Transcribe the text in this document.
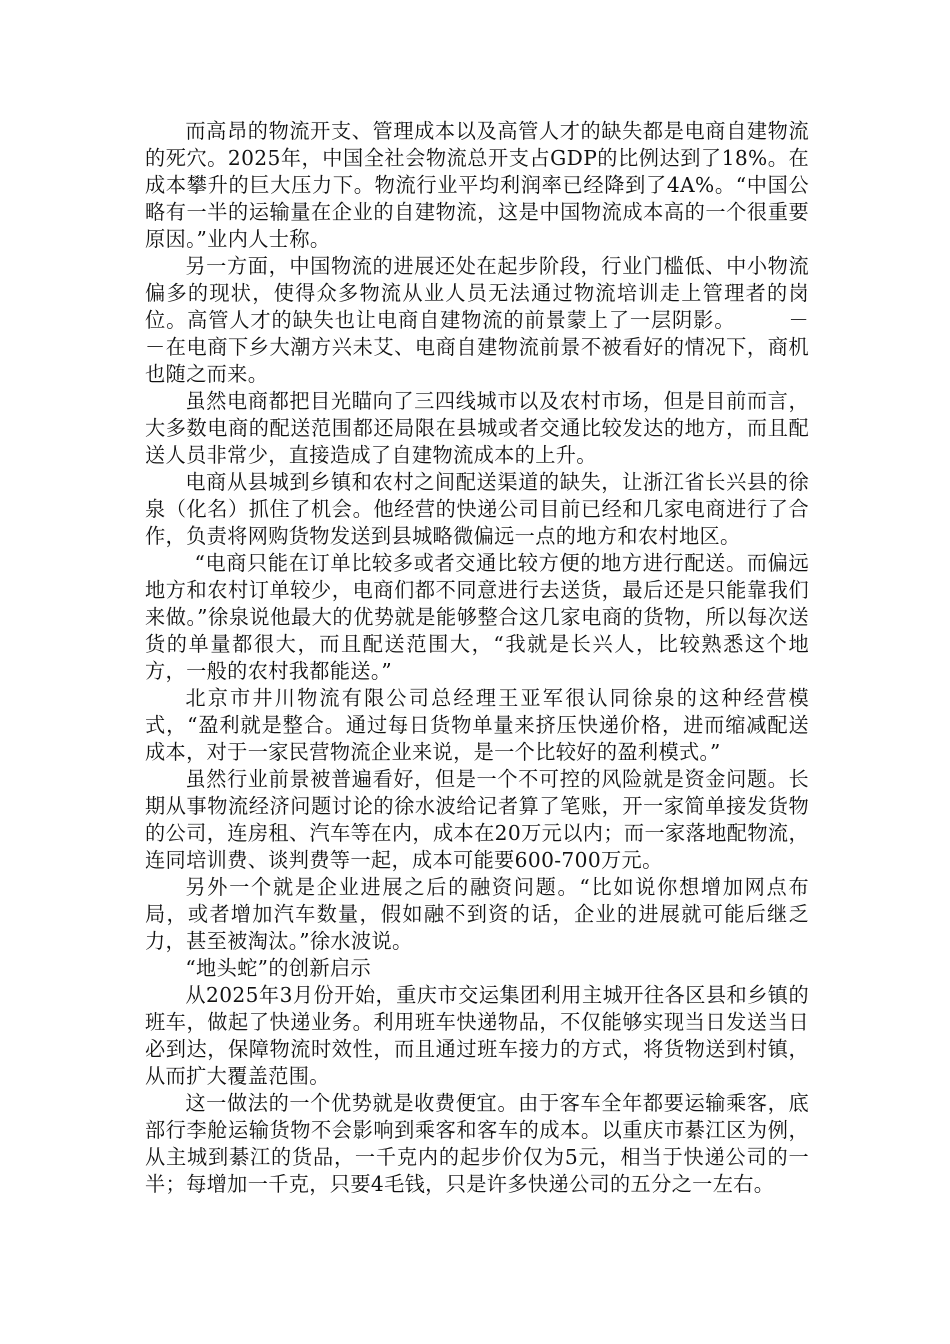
而高昂的物流开支、管理成本以及高管人才的缺失都是电商自建物流的死穴。2025年，中国全社会物流总开支占GDP的比例达到了18%。在成本攀升的巨大压力下。物流行业平均利润率已经降到了4A%。“中国公略有一半的运输量在企业的自建物流，这是中国物流成本高的一个很重要原因。”业内人士称。

另一方面，中国物流的进展还处在起步阶段，行业门槛低、中小物流偏多的现状，使得众多物流从业人员无法通过物流培训走上管理者的岗位。高管人才的缺失也让电商自建物流的前景蒙上了一层阴影。　　　－－在电商下乡大潮方兴未艾、电商自建物流前景不被看好的情况下，商机也随之而来。

虽然电商都把目光瞄向了三四线城市以及农村市场，但是目前而言，大多数电商的配送范围都还局限在县城或者交通比较发达的地方，而且配送人员非常少，直接造成了自建物流成本的上升。

电商从县城到乡镇和农村之间配送渠道的缺失，让浙江省长兴县的徐泉（化名）抓住了机会。他经营的快递公司目前已经和几家电商进行了合作，负责将网购货物发送到县城略微偏远一点的地方和农村地区。

“电商只能在订单比较多或者交通比较方便的地方进行配送。而偏远地方和农村订单较少，电商们都不同意进行去送货，最后还是只能靠我们来做。”徐泉说他最大的优势就是能够整合这几家电商的货物，所以每次送货的单量都很大，而且配送范围大，“我就是长兴人，比较熟悉这个地方，一般的农村我都能送。”

北京市井川物流有限公司总经理王亚军很认同徐泉的这种经营模式，“盈利就是整合。通过每日货物单量来挤压快递价格，进而缩减配送成本，对于一家民营物流企业来说，是一个比较好的盈利模式。”

虽然行业前景被普遍看好，但是一个不可控的风险就是资金问题。长期从事物流经济问题讨论的徐水波给记者算了笔账，开一家简单接发货物的公司，连房租、汽车等在内，成本在20万元以内；而一家落地配物流，连同培训费、谈判费等一起，成本可能要600-700万元。

另外一个就是企业进展之后的融资问题。“比如说你想增加网点布局，或者增加汽车数量，假如融不到资的话，企业的进展就可能后继乏力，甚至被淘汰。”徐水波说。

“地头蛇”的创新启示

从2025年3月份开始，重庆市交运集团利用主城开往各区县和乡镇的班车，做起了快递业务。利用班车快递物品，不仅能够实现当日发送当日必到达，保障物流时效性，而且通过班车接力的方式，将货物送到村镇，从而扩大覆盖范围。

这一做法的一个优势就是收费便宜。由于客车全年都要运输乘客，底部行李舱运输货物不会影响到乘客和客车的成本。以重庆市綦江区为例，从主城到綦江的货品，一千克内的起步价仅为5元，相当于快递公司的一半；每增加一千克，只要4毛钱，只是许多快递公司的五分之一左右。
